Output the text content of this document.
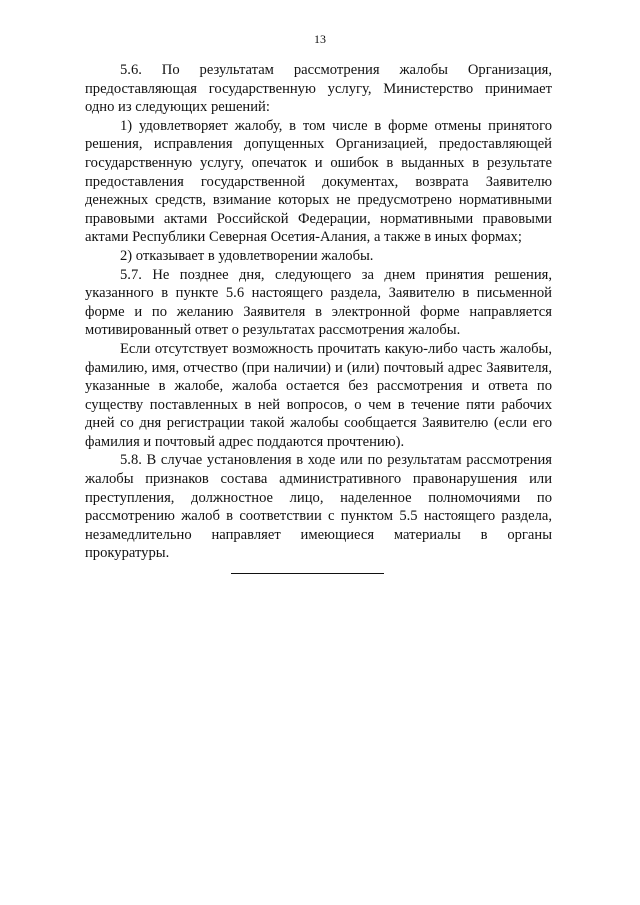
13

5.6. По результатам рассмотрения жалобы Организация, предоставляющая государственную услугу, Министерство принимает одно из следующих решений:

1) удовлетворяет жалобу, в том числе в форме отмены принятого решения, исправления допущенных Организацией, предоставляющей государственную услугу, опечаток и ошибок в выданных в результате предоставления государственной документах, возврата Заявителю денежных средств, взимание которых не предусмотрено нормативными правовыми актами Российской Федерации, нормативными правовыми актами Республики Северная Осетия-Алания, а также в иных формах;

2) отказывает в удовлетворении жалобы.

5.7. Не позднее дня, следующего за днем принятия решения, указанного в пункте 5.6 настоящего раздела, Заявителю в письменной форме и по желанию Заявителя в электронной форме направляется мотивированный ответ о результатах рассмотрения жалобы.

Если отсутствует возможность прочитать какую-либо часть жалобы, фамилию, имя, отчество (при наличии) и (или) почтовый адрес Заявителя, указанные в жалобе, жалоба остается без рассмотрения и ответа по существу поставленных в ней вопросов, о чем в течение пяти рабочих дней со дня регистрации такой жалобы сообщается Заявителю (если его фамилия и почтовый адрес поддаются прочтению).

5.8. В случае установления в ходе или по результатам рассмотрения жалобы признаков состава административного правонарушения или преступления, должностное лицо, наделенное полномочиями по рассмотрению жалоб в соответствии с пунктом 5.5 настоящего раздела, незамедлительно направляет имеющиеся материалы в органы прокуратуры.
